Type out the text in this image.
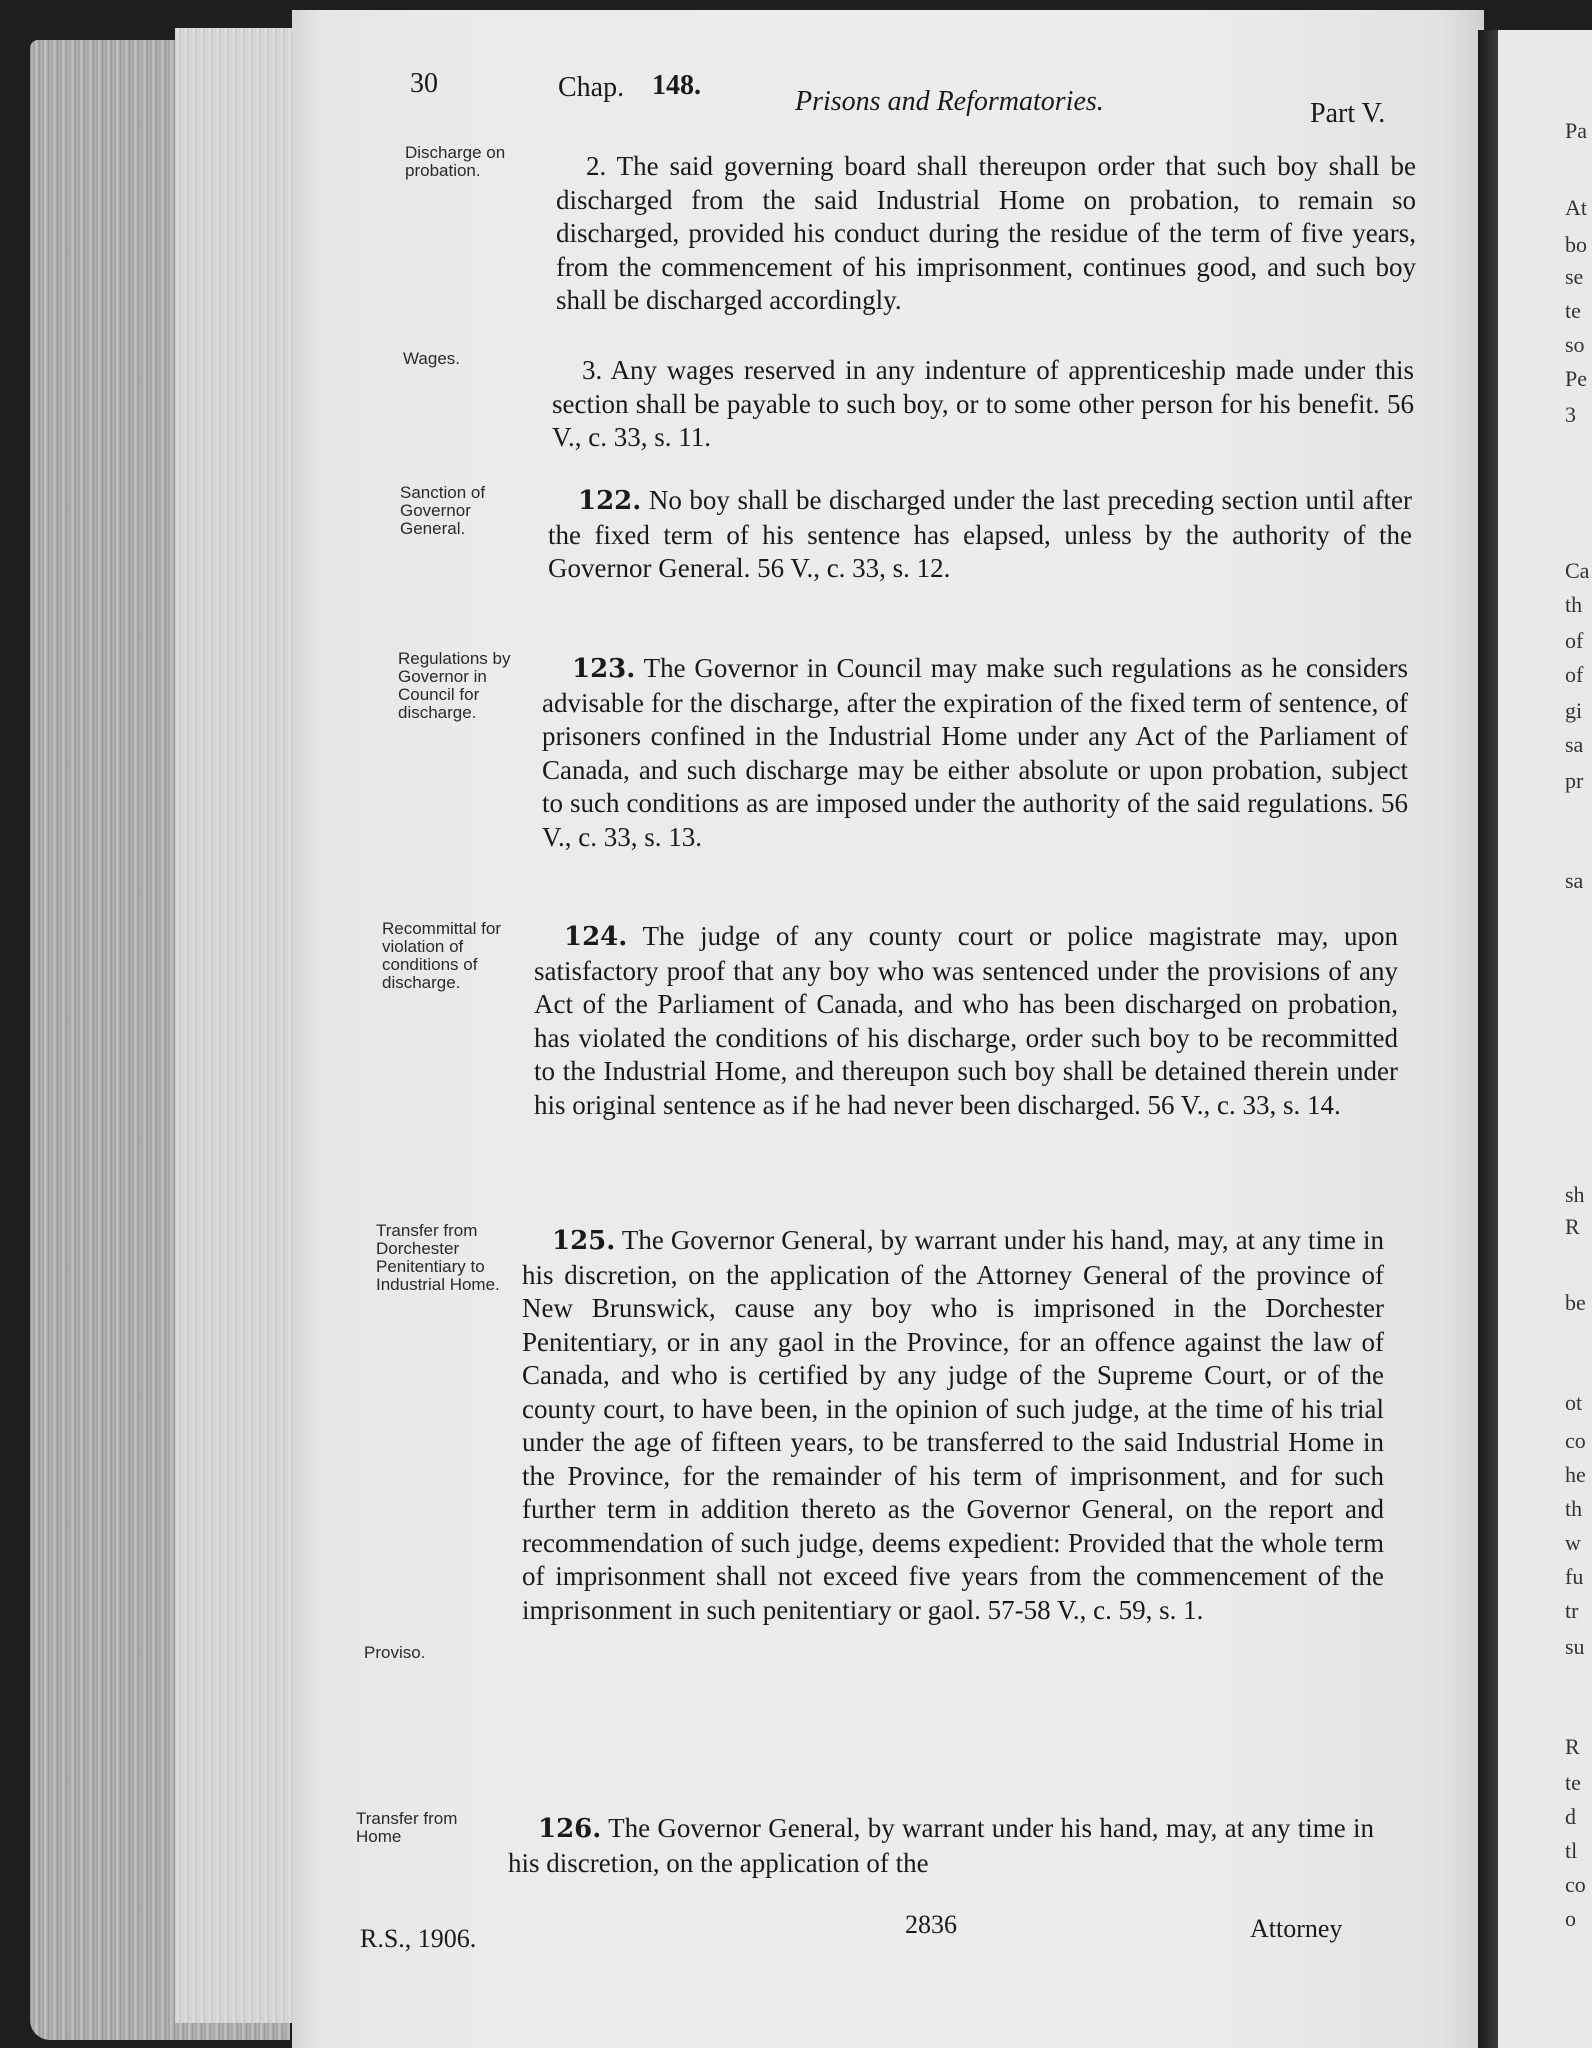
Pa
At
bo
se
te
so
Pe
3
Ca
th
of
of
gi
sa
pr
sa
sh
R
be
ot
co
he
th
w
fu
tr
su
R
te
d
tl
co
o
30	Chap. 148.
Prisons and Reformatories.	Part V.
Discharge on probation.	2. The said governing board shall thereupon order that such boy shall be discharged from the said Industrial Home on probation, to remain so discharged, provided his conduct during the residue of the term of five years, from the commencement of his imprisonment, continues good, and such boy shall be discharged accordingly.
Wages.	3. Any wages reserved in any indenture of apprenticeship made under this section shall be payable to such boy, or to some other person for his benefit. 56 V., c. 33, s. 11.
Sanction of Governor General.
122. No boy shall be discharged under the last preceding section until after the fixed term of his sentence has elapsed, unless by the authority of the Governor General. 56 V., c. 33, s. 12.
Regulations by Governor in Council for discharge.
123. The Governor in Council may make such regulations as he considers advisable for the discharge, after the expiration of the fixed term of sentence, of prisoners confined in the Industrial Home under any Act of the Parliament of Canada, and such discharge may be either absolute or upon probation, subject to such conditions as are imposed under the authority of the said regulations. 56 V., c. 33, s. 13.
Recommittal for violation of conditions of discharge.
124. The judge of any county court or police magistrate may, upon satisfactory proof that any boy who was sentenced under the provisions of any Act of the Parliament of Canada, and who has been discharged on probation, has violated the conditions of his discharge, order such boy to be recommitted to the Industrial Home, and thereupon such boy shall be detained therein under his original sentence as if he had never been discharged. 56 V., c. 33, s. 14.
Transfer from Dorchester Penitentiary to Industrial Home.
Proviso.
125. The Governor General, by warrant under his hand, may, at any time in his discretion, on the application of the Attorney General of the province of New Brunswick, cause any boy who is imprisoned in the Dorchester Penitentiary, or in any gaol in the Province, for an offence against the law of Canada, and who is certified by any judge of the Supreme Court, or of the county court, to have been, in the opinion of such judge, at the time of his trial under the age of fifteen years, to be transferred to the said Industrial Home in the Province, for the remainder of his term of imprisonment, and for such further term in addition thereto as the Governor General, on the report and recommendation of such judge, deems expedient: Provided that the whole term of imprisonment shall not exceed five years from the commencement of the imprisonment in such penitentiary or gaol. 57-58 V., c. 59, s. 1.
Transfer from Home	126. The Governor General, by warrant under his hand, may, at any time in his discretion, on the application of the
R.S., 1906.	2836	Attorney
